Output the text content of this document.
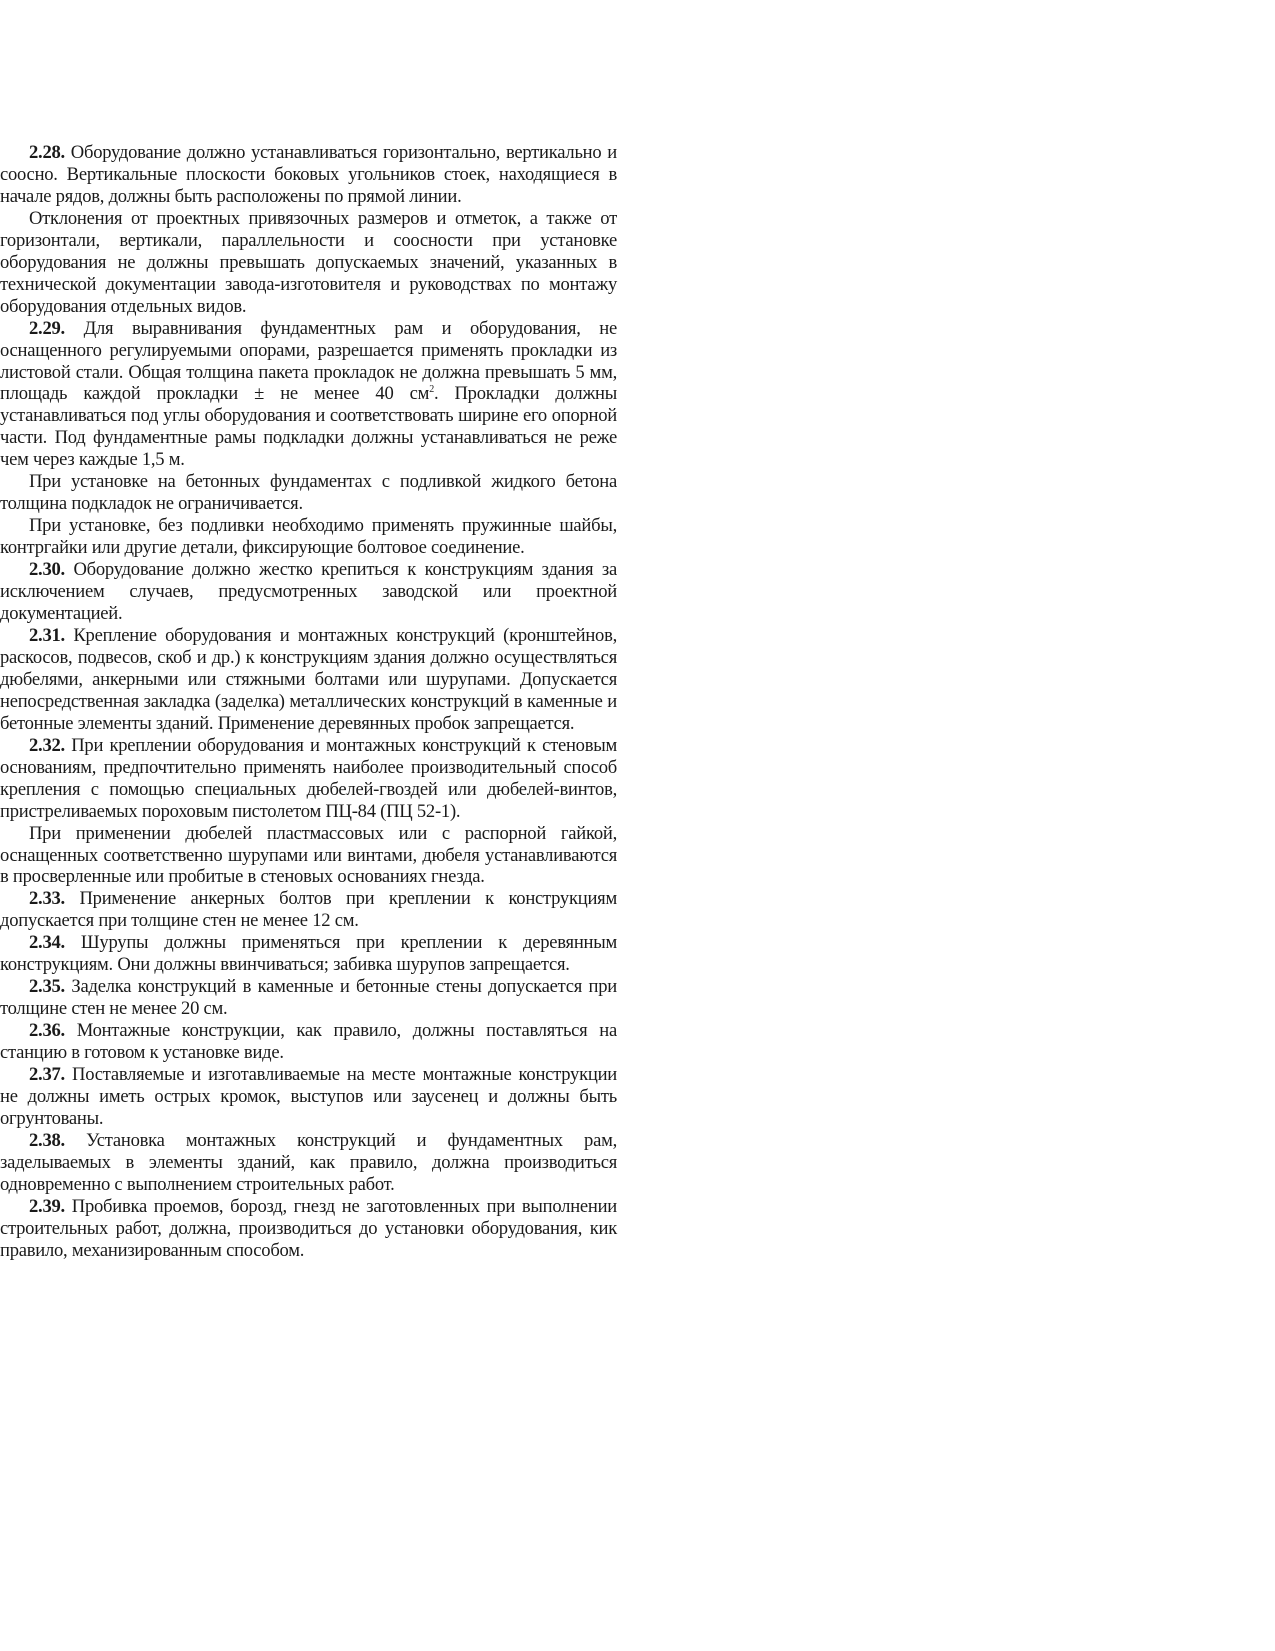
2.28. Оборудование должно устанавливаться горизонтально, вертикально и соосно. Вертикальные плоскости боковых угольников стоек, находящиеся в начале рядов, должны быть расположены по прямой линии.

Отклонения от проектных привязочных размеров и отметок, а также от горизонтали, вертикали, параллельности и соосности при установке оборудования не должны превышать допускаемых значений, указанных в технической документации завода-изготовителя и руководствах по монтажу оборудования отдельных видов.

2.29. Для выравнивания фундаментных рам и оборудования, не оснащенного регулируемыми опорами, разрешается применять прокладки из листовой стали. Общая толщина пакета прокладок не должна превышать 5 мм, площадь каждой прокладки ± не менее 40 $см^2$. Прокладки должны устанавливаться под углы оборудования и соответствовать ширине его опорной части. Под фундаментные рамы подкладки должны устанавливаться не реже чем через каждые 1,5 м.

При установке на бетонных фундаментах с подливкой жидкого бетона толщина подкладок не ограничивается.

При установке, без подливки необходимо применять пружинные шайбы, контргайки или другие детали, фиксирующие болтовое соединение.

2.30. Оборудование должно жестко крепиться к конструкциям здания за исключением случаев, предусмотренных заводской или проектной документацией.

2.31. Крепление оборудования и монтажных конструкций (кронштейнов, раскосов, подвесов, скоб и др.) к конструкциям здания должно осуществляться дюбелями, анкерными или стяжными болтами или шурупами. Допускается непосредственная закладка (заделка) металлических конструкций в каменные и бетонные элементы зданий. Применение деревянных пробок запрещается.

2.32. При креплении оборудования и монтажных конструкций к стеновым основаниям, предпочтительно применять наиболее производительный способ крепления с помощью специальных дюбелей-гвоздей или дюбелей-винтов, пристреливаемых пороховым пистолетом ПЦ-84 (ПЦ 52-1).

При применении дюбелей пластмассовых или с распорной гайкой, оснащенных соответственно шурупами или винтами, дюбеля устанавливаются в просверленные или пробитые в стеновых основаниях гнезда.

2.33. Применение анкерных болтов при креплении к конструкциям допускается при толщине стен не менее 12 см.

2.34. Шурупы должны применяться при креплении к деревянным конструкциям. Они должны ввинчиваться; забивка шурупов запрещается.

2.35. Заделка конструкций в каменные и бетонные стены допускается при толщине стен не менее 20 см.

2.36. Монтажные конструкции, как правило, должны поставляться на станцию в готовом к установке виде.

2.37. Поставляемые и изготавливаемые на месте монтажные конструкции не должны иметь острых кромок, выступов или заусенец и должны быть огрунтованы.

2.38. Установка монтажных конструкций и фундаментных рам, заделываемых в элементы зданий, как правило, должна производиться одновременно с выполнением строительных работ.

2.39. Пробивка проемов, борозд, гнезд не заготовленных при выполнении строительных работ, должна, производиться до установки оборудования, кик правило, механизированным способом.
